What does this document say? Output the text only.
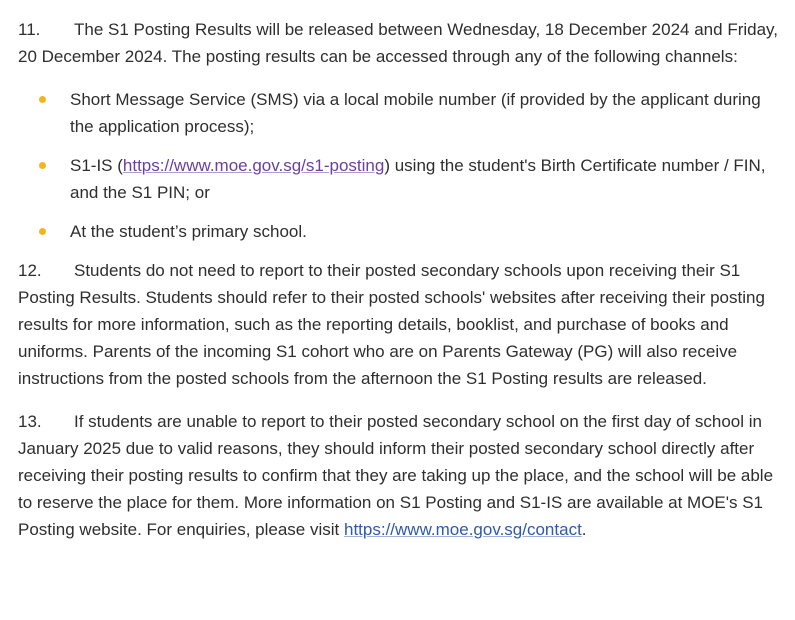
11. The S1 Posting Results will be released between Wednesday, 18 December 2024 and Friday, 20 December 2024. The posting results can be accessed through any of the following channels:

Short Message Service (SMS) via a local mobile number (if provided by the applicant during the application process);
S1-IS (https://www.moe.gov.sg/s1-posting) using the student's Birth Certificate number / FIN, and the S1 PIN; or
At the student’s primary school.

12. Students do not need to report to their posted secondary schools upon receiving their S1 Posting Results. Students should refer to their posted schools' websites after receiving their posting results for more information, such as the reporting details, booklist, and purchase of books and uniforms. Parents of the incoming S1 cohort who are on Parents Gateway (PG) will also receive instructions from the posted schools from the afternoon the S1 Posting results are released.

13. If students are unable to report to their posted secondary school on the first day of school in January 2025 due to valid reasons, they should inform their posted secondary school directly after receiving their posting results to confirm that they are taking up the place, and the school will be able to reserve the place for them. More information on S1 Posting and S1-IS are available at MOE's S1 Posting website. For enquiries, please visit https://www.moe.gov.sg/contact.
